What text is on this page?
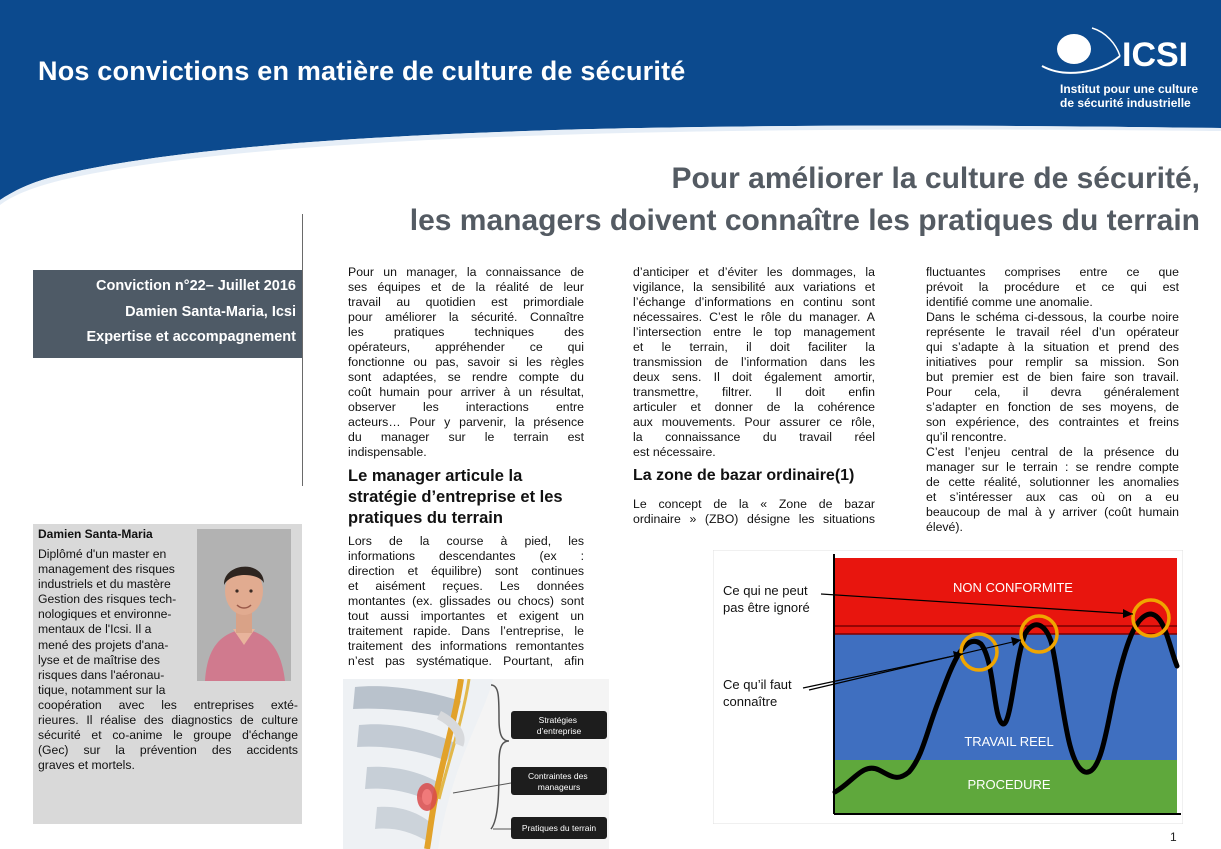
Nos convictions en matière de culture de sécurité	ICSI
Institut pour une culture
de sécurité industrielle
Pour améliorer la culture de sécurité,
les managers doivent connaître les pratiques du terrain
Conviction n°22– Juillet 2016
Damien Santa-Maria, Icsi
Expertise et accompagnement
Damien Santa-Maria
Diplômé d'un master en
management des risques
industriels et du mastère
Gestion des risques tech-
nologiques et environne-
mentaux de l'Icsi. Il a
mené des projets d'ana-
lyse et de maîtrise des
risques dans l'aéronau-
tique, notamment sur la
coopération avec les entreprises exté-
rieures. Il réalise des diagnostics de culture
sécurité et co-anime le groupe d'échange
(Gec) sur la prévention des accidents
graves et mortels.
Pour un manager, la connaissance de
ses équipes et de la réalité de leur
travail au quotidien est primordiale
pour améliorer la sécurité. Connaître
les pratiques techniques des
opérateurs, appréhender ce qui
fonctionne ou pas, savoir si les règles
sont adaptées, se rendre compte du
coût humain pour arriver à un résultat,
observer les interactions entre
acteurs… Pour y parvenir, la présence
du manager sur le terrain est
indispensable.
Le manager articule la
stratégie d’entreprise et les
pratiques du terrain
Lors de la course à pied, les
informations descendantes (ex :
direction et équilibre) sont continues
et aisément reçues. Les données
montantes (ex. glissades ou chocs) sont
tout aussi importantes et exigent un
traitement rapide. Dans l’entreprise, le
traitement des informations remontantes
n’est pas systématique. Pourtant, afin
Stratégies d’entreprise
Contraintes des manageurs
Pratiques du terrain
d’anticiper et d’éviter les dommages, la
vigilance, la sensibilité aux variations et
l’échange d’informations en continu sont
nécessaires. C’est le rôle du manager. A
l’intersection entre le top management
et le terrain, il doit faciliter la
transmission de l’information dans les
deux sens. Il doit également amortir,
transmettre, filtrer. Il doit enfin
articuler et donner de la cohérence
aux mouvements. Pour assurer ce rôle,
la connaissance du travail réel
est nécessaire.
La zone de bazar ordinaire(1)
Le concept de la « Zone de bazar
ordinaire » (ZBO) désigne les situations
fluctuantes comprises entre ce que
prévoit la procédure et ce qui est
identifié comme une anomalie.
Dans le schéma ci-dessous, la courbe noire
représente le travail réel d’un opérateur
qui s’adapte à la situation et prend des
initiatives pour remplir sa mission. Son
but premier est de bien faire son travail.
Pour cela, il devra généralement
s’adapter en fonction de ses moyens, de
son expérience, des contraintes et freins
qu’il rencontre.
C’est l’enjeu central de la présence du
manager sur le terrain : se rendre compte
de cette réalité, solutionner les anomalies
et s’intéresser aux cas où on a eu
beaucoup de mal à y arriver (coût humain
élevé).
NON CONFORMITE
TRAVAIL REEL
PROCEDURE
Ce qui ne peut
pas être ignoré
Ce qu’il faut
connaître
1
